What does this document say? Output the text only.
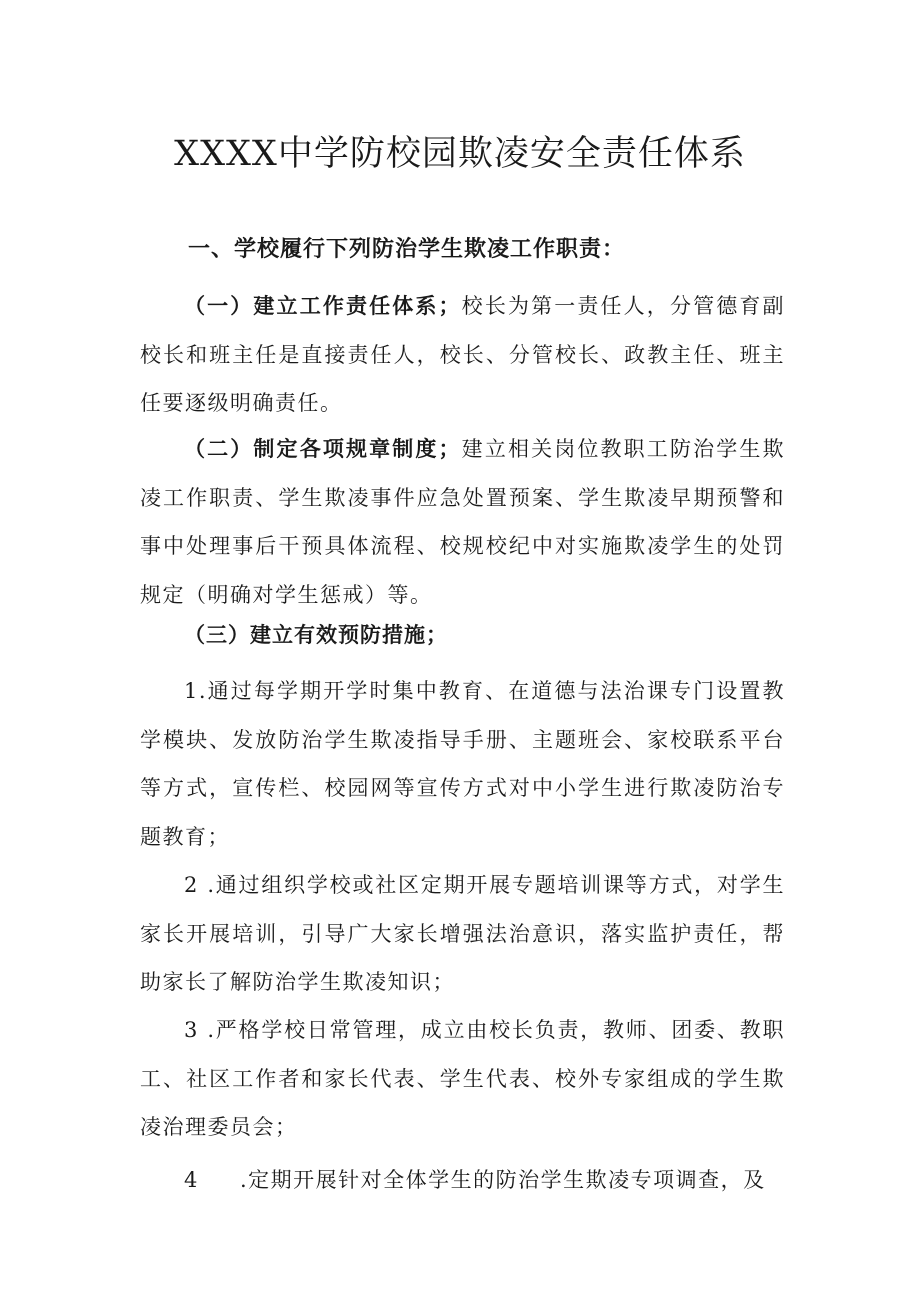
XXXX中学防校园欺凌安全责任体系
一、学校履行下列防治学生欺凌工作职责：

（一）建立工作责任体系；校长为第一责任人，分管德育副校长和班主任是直接责任人，校长、分管校长、政教主任、班主任要逐级明确责任。

（二）制定各项规章制度；建立相关岗位教职工防治学生欺凌工作职责、学生欺凌事件应急处置预案、学生欺凌早期预警和事中处理事后干预具体流程、校规校纪中对实施欺凌学生的处罚规定（明确对学生惩戒）等。

（三）建立有效预防措施；

1.通过每学期开学时集中教育、在道德与法治课专门设置教学模块、发放防治学生欺凌指导手册、主题班会、家校联系平台等方式，宣传栏、校园网等宣传方式对中小学生进行欺凌防治专题教育；

2 .通过组织学校或社区定期开展专题培训课等方式，对学生家长开展培训，引导广大家长增强法治意识，落实监护责任，帮助家长了解防治学生欺凌知识；

3 .严格学校日常管理，成立由校长负责，教师、团委、教职工、社区工作者和家长代表、学生代表、校外专家组成的学生欺凌治理委员会；

4 .定期开展针对全体学生的防治学生欺凌专项调查，及
